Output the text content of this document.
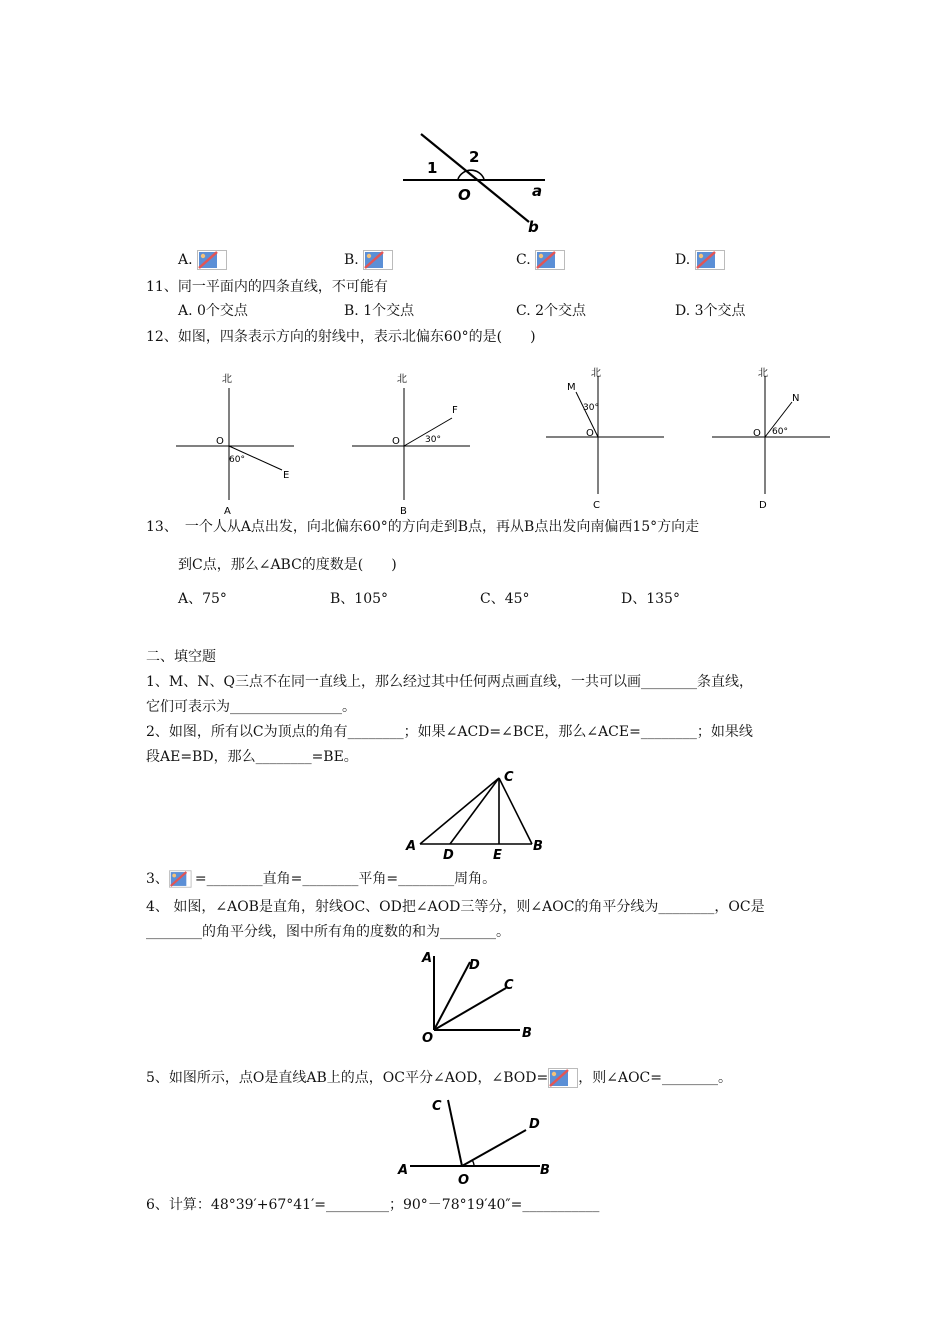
1
2
O	a
b
A.	B.	C.	D.
11、同一平面内的四条直线，不可能有
A. 0个交点	B. 1个交点	C. 2个交点	D. 3个交点
12、如图，四条表示方向的射线中，表示北偏东60°的是(　　)
北
O
60°
E
A
北
O	30°
F
B
北
O
30°
M
C
北
O 60°
N
D
13、　一个人从A点出发，向北偏东60°的方向走到B点，再从B点出发向南偏西15°方向走
到C点，那么∠ABC的度数是(　　)
A、75°	B、105°	C、45°	D、135°
二、填空题
1、M、N、Q三点不在同一直线上，那么经过其中任何两点画直线，一共可以画________条直线，
它们可表示为________________。
2、如图，所有以C为顶点的角有________；如果∠ACD=∠BCE，那么∠ACE=________；如果线
段AE=BD，那么________=BE。
A	B
C
D	E
3、 =________直角=________平角=________周角。
4、 如图，∠AOB是直角，射线OC、OD把∠AOD三等分，则∠AOC的角平分线为________，OC是
________的角平分线，图中所有角的度数的和为________。
A	D
C
B
O
5、如图所示，点O是直线AB上的点，OC平分∠AOD，∠BOD= ，则∠AOC=________。
C
D
A	B
O
6、计算：48°39′+67°41′=_________；90°－78°19′40″=___________
